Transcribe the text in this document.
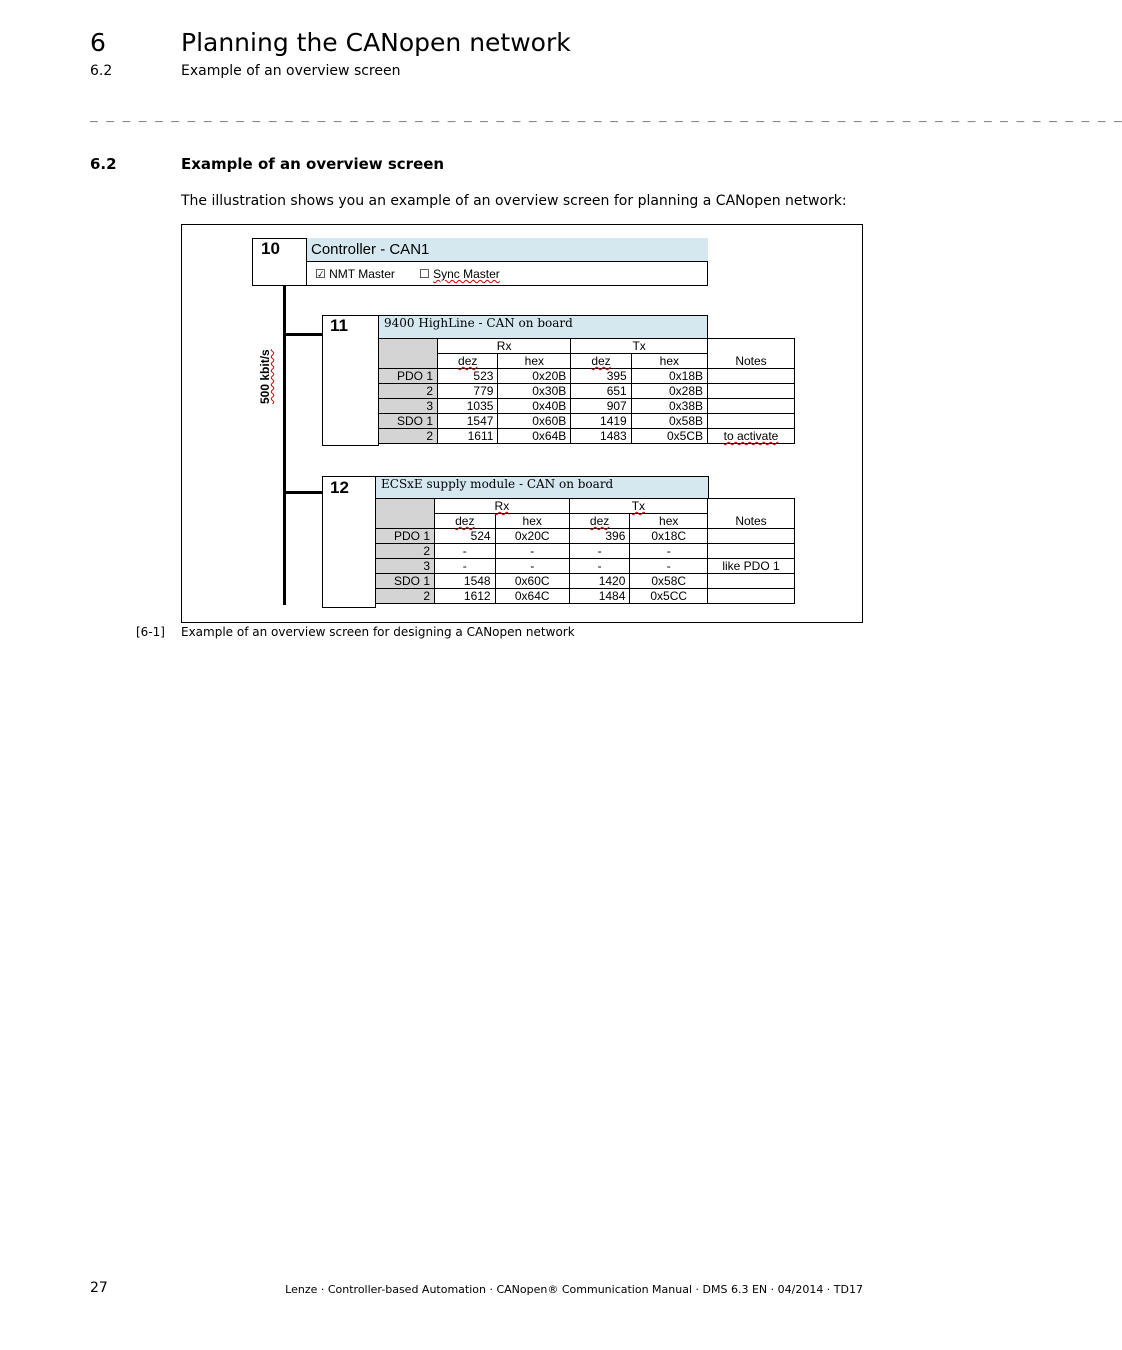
6	Planning the CANopen network
6.2	Example of an overview screen
_ _ _ _ _ _ _ _ _ _ _ _ _ _ _ _ _ _ _ _ _ _ _ _ _ _ _ _ _ _ _ _ _ _ _ _ _ _ _ _ _ _ _ _ _ _ _ _ _ _ _ _ _ _ _ _ _ _ _ _ _ _ _ _
6.2	Example of an overview screen
The illustration shows you an example of an overview screen for planning a CANopen network:
10	Controller - CAN1
☑ NMT Master ☐ Sync Master
500 kbit/s
11	9400 HighLine - CAN on board
	Rx		Tx		Notes
	dez	hex	dez	hex	
PDO 1	523	0x20B	395	0x18B	
2	779	0x30B	651	0x28B	
3	1035	0x40B	907	0x38B	
SDO 1	1547	0x60B	1419	0x58B	
2	1611	0x64B	1483	0x5CB	to activate
12	ECSxE supply module - CAN on board
	Rx		Tx		Notes
	dez	hex	dez	hex	
PDO 1	524	0x20C	396	0x18C	
2	-	-	-	-	
3	-	-	-	-	like PDO 1
SDO 1	1548	0x60C	1420	0x58C	
2	1612	0x64C	1484	0x5CC	
[6-1] Example of an overview screen for designing a CANopen network
27	Lenze · Controller-based Automation · CANopen® Communication Manual · DMS 6.3 EN · 04/2014 · TD17
